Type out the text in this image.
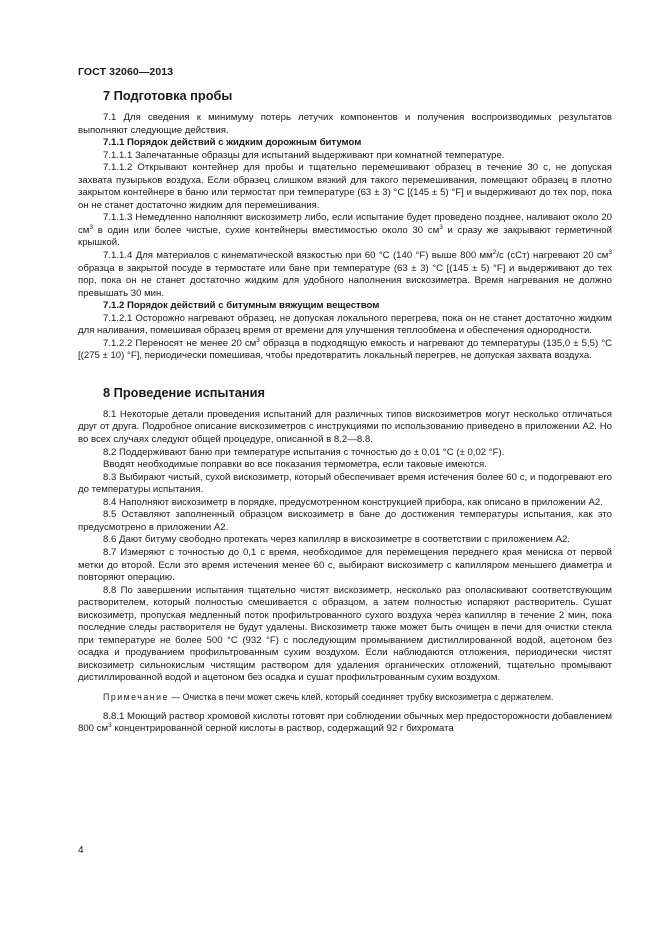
ГОСТ 32060—2013
7 Подготовка пробы

7.1 Для сведения к минимуму потерь летучих компонентов и получения воспроизводимых результатов выполняют следующие действия.

7.1.1 Порядок действий с жидким дорожным битумом

7.1.1.1 Запечатанные образцы для испытаний выдерживают при комнатной температуре.

7.1.1.2 Открывают контейнер для пробы и тщательно перемешивают образец в течение 30 с, не допуская захвата пузырьков воздуха. Если образец слишком вязкий для такого перемешивания, помещают образец в плотно закрытом контейнере в баню или термостат при температуре (63 ± 3) °С [(145 ± 5) °F] и выдерживают до тех пор, пока он не станет достаточно жидким для перемешивания.

7.1.1.3 Немедленно наполняют вискозиметр либо, если испытание будет проведено позднее, наливают около 20 $см^3$ в один или более чистые, сухие контейнеры вместимостью около 30 $см^3$ и сразу же закрывают герметичной крышкой.

7.1.1.4 Для материалов с кинематической вязкостью при 60 °С (140 °F) выше 800 $мм^2/с$ (сСт) нагревают 20 $см^3$ образца в закрытой посуде в термостате или бане при температуре (63 ± 3) °С [(145 ± 5) °F] и выдерживают до тех пор, пока он не станет достаточно жидким для удобного наполнения вискозиметра. Время нагревания не должно превышать 30 мин.

7.1.2 Порядок действий с битумным вяжущим веществом

7.1.2.1 Осторожно нагревают образец, не допуская локального перегрева, пока он не станет достаточно жидким для наливания, помешивая образец время от времени для улучшения теплообмена и обеспечения однородности.

7.1.2.2 Переносят не менее 20 $см^3$ образца в подходящую емкость и нагревают до температуры (135,0 ± 5,5) °С [(275 ± 10) °F], периодически помешивая, чтобы предотвратить локальный перегрев, не допуская захвата воздуха.

8 Проведение испытания

8.1 Некоторые детали проведения испытаний для различных типов вискозиметров могут несколько отличаться друг от друга. Подробное описание вискозиметров с инструкциями по использованию приведено в приложении А2. Но во всех случаях следуют общей процедуре, описанной в 8.2—8.8.

8.2 Поддерживают баню при температуре испытания с точностью до ± 0,01 °С (± 0,02 °F).

Вводят необходимые поправки во все показания термометра, если таковые имеются.

8.3 Выбирают чистый, сухой вискозиметр, который обеспечивает время истечения более 60 с, и подогревают его до температуры испытания.

8.4 Наполняют вискозиметр в порядке, предусмотренном конструкцией прибора, как описано в приложении А2.

8.5 Оставляют заполненный образцом вискозиметр в бане до достижения температуры испытания, как это предусмотрено в приложении А2.

8.6 Дают битуму свободно протекать через капилляр в вискозиметре в соответствии с приложением А2.

8.7 Измеряют с точностью до 0,1 с время, необходимое для перемещения переднего края мениска от первой метки до второй. Если это время истечения менее 60 с, выбирают вискозиметр с капилляром меньшего диаметра и повторяют операцию.

8.8 По завершении испытания тщательно чистят вискозиметр, несколько раз ополаскивают соответствующим растворителем, который полностью смешивается с образцом, а затем полностью испаряют растворитель. Сушат вискозиметр, пропуская медленный поток профильтрованного сухого воздуха через капилляр в течение 2 мин, пока последние следы растворителя не будут удалены. Вискозиметр также может быть очищен в печи для очистки стекла при температуре не более 500 °С (932 °F) с последующим промыванием дистиллированной водой, ацетоном без осадка и продуванием профильтрованным сухим воздухом. Если наблюдаются отложения, периодически чистят вискозиметр сильнокислым чистящим раствором для удаления органических отложений, тщательно промывают дистиллированной водой и ацетоном без осадка и сушат профильтрованным сухим воздухом.

Примечание — Очистка в печи может сжечь клей, который соединяет трубку вискозиметра с держателем.

8.8.1 Моющий раствор хромовой кислоты готовят при соблюдении обычных мер предосторожности добавлением 800 $см^3$ концентрированной серной кислоты в раствор, содержащий 92 г бихромата

4
